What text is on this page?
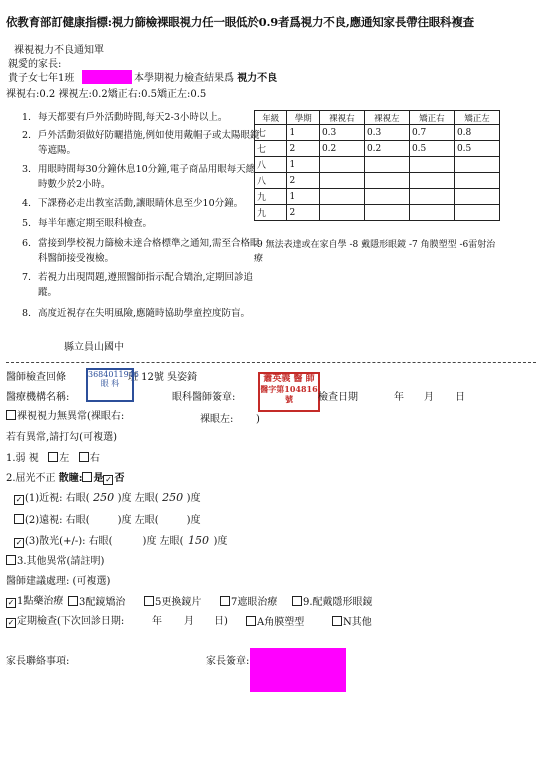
依教育部訂健康指標:視力篩檢裸眼視力任一眼低於0.9者爲視力不良,應通知家長帶往眼科複查
裸視視力不良通知單
親愛的家長:
貴子女七年1班	本學期視力檢查結果爲 視力不良
裸視右:0.2 裸視左:0.2矯正右:0.5矯正左:0.5
1. 每天都要有戶外活動時間,每天2-3小時以上。
2. 戶外活動須做好防曬措施,例如使用戴帽子或太陽眼鏡等遮陽。
3. 用眼時間每30分鐘休息10分鐘,電子商品用眼每天總時數少於2小時。
4. 下課務必走出教室活動,讓眼睛休息至少10分鐘。
5. 每半年應定期至眼科檢查。
6. 當接到學校視力篩檢未達合格標準之通知,需至合格眼科醫師接受複檢。
7. 若視力出現問題,遵照醫師指示配合矯治,定期回診追蹤。
8. 高度近視存在失明風險,應隨時協助學童控度防盲。
縣立員山國中
年級	學期	裸視右	裸視左	矯正右	矯正左
七	1	0.3	0.3	0.7	0.8
七	2	0.2	0.2	0.5	0.5
八	1				
八	2				
九	1				
九	2				
-9 無法表達或在家自學 -8 戴隱形眼鏡 -7 角膜塑型 -6雷射治療
醫師檢查回條	班 12號 吳姿錡
3684011946
眼 科
醫療機構名稱:	眼科醫師簽章:
蕭英義 醫 師
醫字第104816號	檢查日期	年 月 日
裸視視力無異常(裸眼右:	裸眼左: )
若有異常,請打勾(可複選)
1.弱 視 左 右
2.屈光不正 散瞳: 是 ✓ 否
✓ (1)近視: 右眼( 250 )度 左眼( 250 )度
(2)遠視: 右眼(	)度 左眼(	)度
✓ (3)散光(+/-): 右眼(	)度 左眼( 150 )度
3.其他異常(請註明)
醫師建議處理: (可複選)
✓ 1點藥治療	3配鏡矯治	5更換鏡片	7遮眼治療	9.配戴隱形眼鏡
✓ 定期檢查(下次回診日期:	年 月 日)	A角膜塑型	N其他
家長聯絡事項:	家長簽章:
